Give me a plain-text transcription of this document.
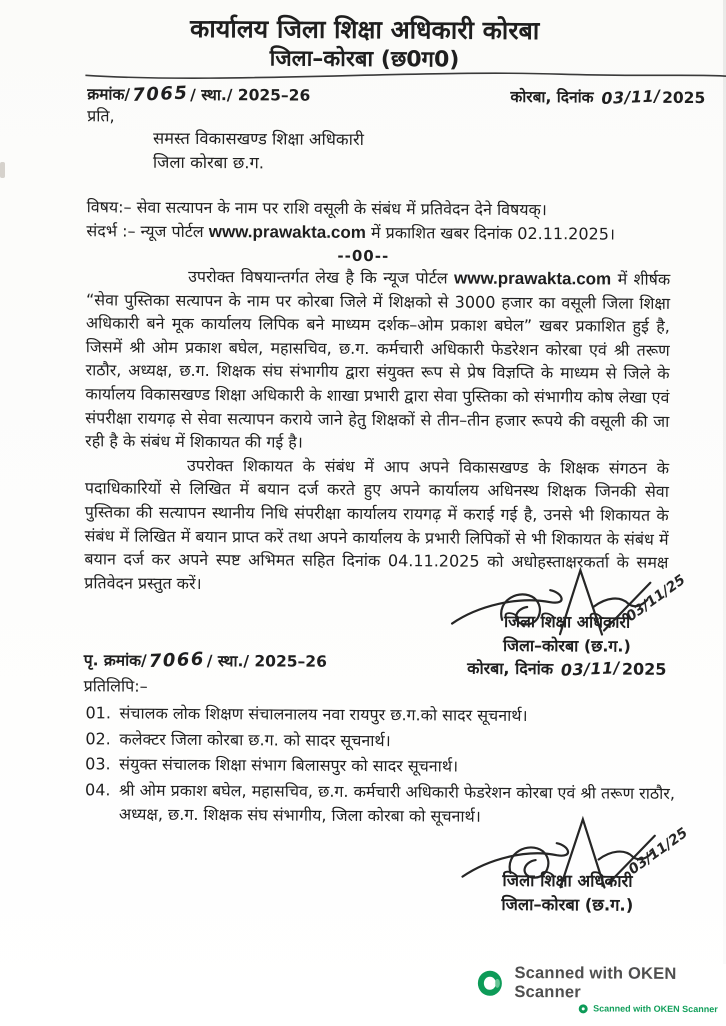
कार्यालय जिला शिक्षा अधिकारी कोरबा
जिला–कोरबा (छ0ग0)
क्रमांक/7065/ स्था./ 2025–26	कोरबा, दिनांक 03/11/2025
प्रति,
समस्त विकासखण्ड शिक्षा अधिकारी
जिला कोरबा छ.ग.
विषय:– सेवा सत्यापन के नाम पर राशि वसूली के संबंध में प्रतिवेदन देने विषयक्।
संदर्भ :– न्यूज पोर्टल www.prawakta.com में प्रकाशित खबर दिनांक 02.11.2025।
--00--

उपरोक्त विषयान्तर्गत लेख है कि न्यूज पोर्टल www.prawakta.com में शीर्षक “सेवा पुस्तिका सत्यापन के नाम पर कोरबा जिले में शिक्षको से 3000 हजार का वसूली जिला शिक्षा अधिकारी बने मूक कार्यालय लिपिक बने माध्यम दर्शक–ओम प्रकाश बघेल” खबर प्रकाशित हुई है, जिसमें श्री ओम प्रकाश बघेल, महासचिव, छ.ग. कर्मचारी अधिकारी फेडरेशन कोरबा एवं श्री तरूण राठौर, अध्यक्ष, छ.ग. शिक्षक संघ संभागीय द्वारा संयुक्त रूप से प्रेष विज्ञप्ति के माध्यम से जिले के कार्यालय विकासखण्ड शिक्षा अधिकारी के शाखा प्रभारी द्वारा सेवा पुस्तिका को संभागीय कोष लेखा एवं संपरीक्षा रायगढ़ से सेवा सत्यापन कराये जाने हेतु शिक्षकों से तीन–तीन हजार रूपये की वसूली की जा रही है के संबंध में शिकायत की गई है।

उपरोक्त शिकायत के संबंध में आप अपने विकासखण्ड के शिक्षक संगठन के पदाधिकारियों से लिखित में बयान दर्ज करते हुए अपने कार्यालय अधिनस्थ शिक्षक जिनकी सेवा पुस्तिका की सत्यापन स्थानीय निधि संपरीक्षा कार्यालय रायगढ़ में कराई गई है, उनसे भी शिकायत के संबंध में लिखित में बयान प्राप्त करें तथा अपने कार्यालय के प्रभारी लिपिकों से भी शिकायत के संबंध में बयान दर्ज कर अपने स्पष्ट अभिमत सहित दिनांक 04.11.2025 को अधोहस्ताक्षरकर्ता के समक्ष प्रतिवेदन प्रस्तुत करें।	03/11/25
जिला शिक्षा अधिकारी
जिला–कोरबा (छ.ग.)
कोरबा, दिनांक 03/11/2025
पृ. क्रमांक/7066/ स्था./ 2025–26
प्रतिलिपि:–
01. संचालक लोक शिक्षण संचालनालय नवा रायपुर छ.ग.को सादर सूचनार्थ।
02. कलेक्टर जिला कोरबा छ.ग. को सादर सूचनार्थ।
03. संयुक्त संचालक शिक्षा संभाग बिलासपुर को सादर सूचनार्थ।
04. श्री ओम प्रकाश बघेल, महासचिव, छ.ग. कर्मचारी अधिकारी फेडरेशन कोरबा एवं श्री तरूण राठौर, अध्यक्ष, छ.ग. शिक्षक संघ संभागीय, जिला कोरबा को सूचनार्थ।
03/11/25
जिला शिक्षा अधिकारी
जिला–कोरबा (छ.ग.)
Scanned with OKEN Scanner
Scanned with OKEN Scanner
